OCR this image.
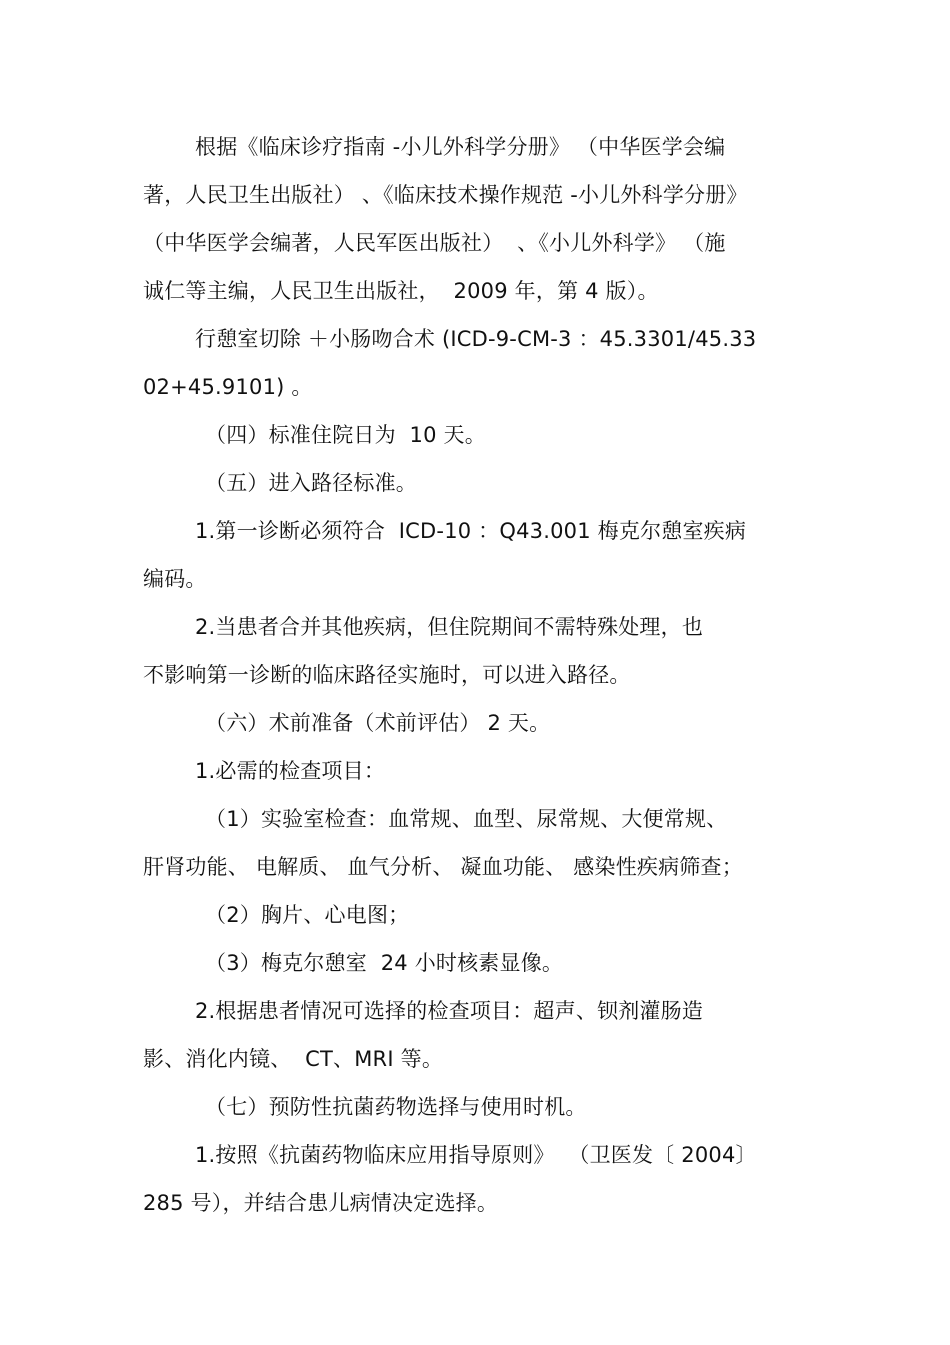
根据《临床诊疗指南 -小儿外科学分册》 （中华医学会编
著，人民卫生出版社） 、《临床技术操作规范 -小儿外科学分册》
（中华医学会编著，人民军医出版社）  、《小儿外科学》 （施
诚仁等主编，人民卫生出版社，  2009 年，第 4 版）。
行憩室切除 ＋小肠吻合术 (ICD-9-CM-3 ：45.3301/45.33
02+45.9101) 。
（四）标准住院日为  10 天。
（五）进入路径标准。
1.第一诊断必须符合  ICD-10 ：Q43.001 梅克尔憩室疾病
编码。
2.当患者合并其他疾病，但住院期间不需特殊处理，也
不影响第一诊断的临床路径实施时，可以进入路径。
（六）术前准备（术前评估） 2 天。
1.必需的检查项目：
（1）实验室检查：血常规、血型、尿常规、大便常规、
肝肾功能、 电解质、 血气分析、 凝血功能、 感染性疾病筛查；
（2）胸片、心电图；
（3）梅克尔憩室  24 小时核素显像。
2.根据患者情况可选择的检查项目：超声、钡剂灌肠造
影、消化内镜、  CT、MRI 等。
（七）预防性抗菌药物选择与使用时机。
1.按照《抗菌药物临床应用指导原则》  （卫医发〔 2004〕
285 号），并结合患儿病情决定选择。
